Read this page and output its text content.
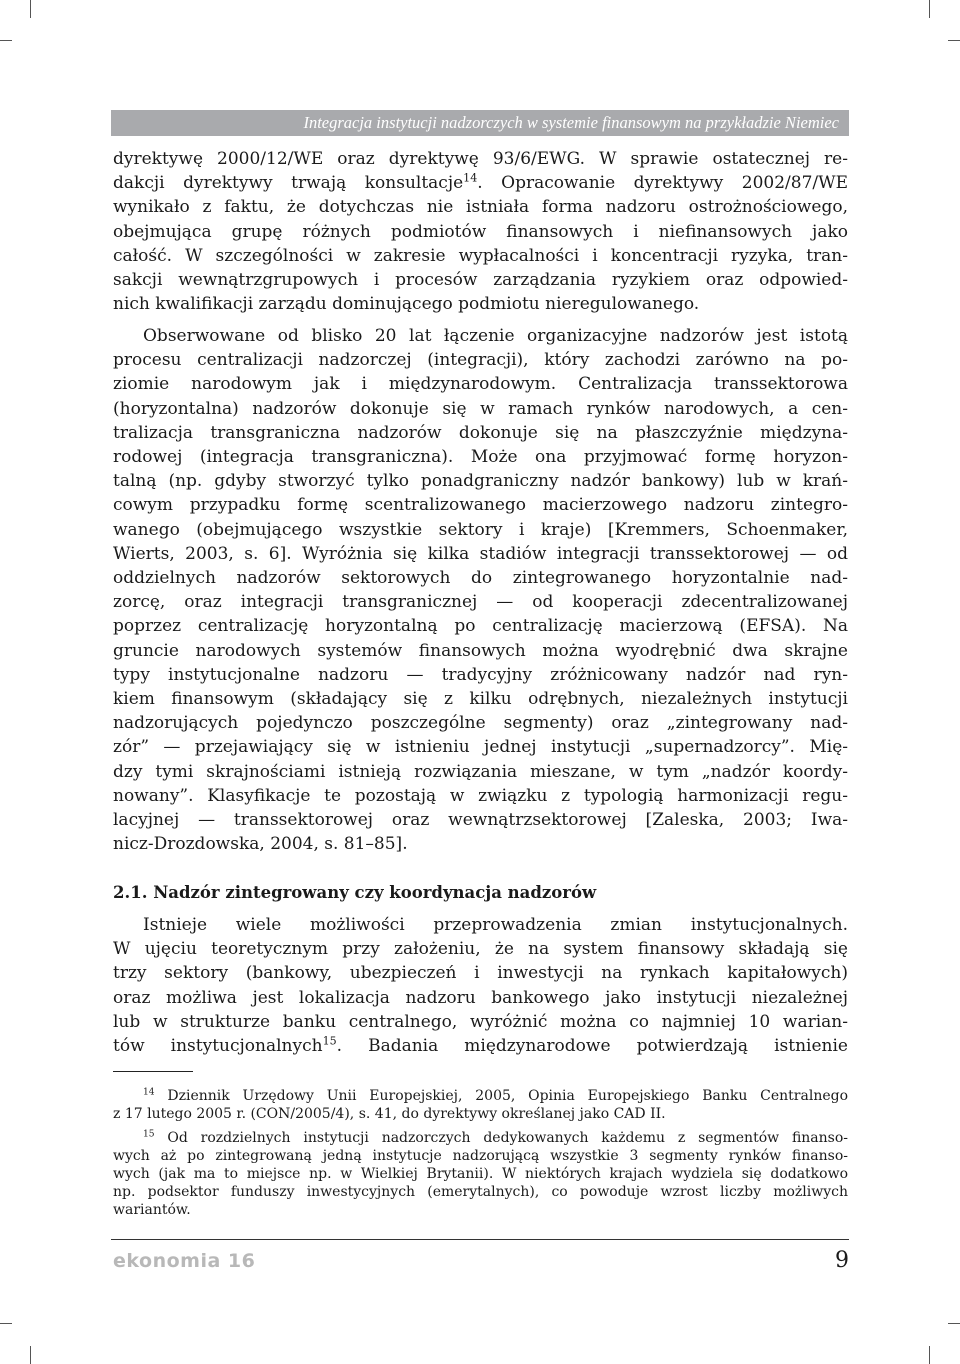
Integracja instytucji nadzorczych w systemie finansowym na przykładzie Niemiec
dyrektywę 2000/12/WE oraz dyrektywę 93/6/EWG. W sprawie ostatecznej re-
dakcji dyrektywy trwają konsultacje$^{14}$. Opracowanie dyrektywy 2002/87/WE
wynikało z faktu, że dotychczas nie istniała forma nadzoru ostrożnościowego,
obejmująca grupę różnych podmiotów finansowych i niefinansowych jako
całość. W szczególności w zakresie wypłacalności i koncentracji ryzyka, tran-
sakcji wewnątrzgrupowych i procesów zarządzania ryzykiem oraz odpowied-
nich kwalifikacji zarządu dominującego podmiotu nieregulowanego.
Obserwowane od blisko 20 lat łączenie organizacyjne nadzorów jest istotą
procesu centralizacji nadzorczej (integracji), który zachodzi zarówno na po-
ziomie narodowym jak i międzynarodowym. Centralizacja transsektorowa
(horyzontalna) nadzorów dokonuje się w ramach rynków narodowych, a cen-
tralizacja transgraniczna nadzorów dokonuje się na płaszczyźnie międzyna-
rodowej (integracja transgraniczna). Może ona przyjmować formę horyzon-
talną (np. gdyby stworzyć tylko ponadgraniczny nadzór bankowy) lub w krań-
cowym przypadku formę scentralizowanego macierzowego nadzoru zintegro-
wanego (obejmującego wszystkie sektory i kraje) [Kremmers, Schoenmaker,
Wierts, 2003, s. 6]. Wyróżnia się kilka stadiów integracji transsektorowej — od
oddzielnych nadzorów sektorowych do zintegrowanego horyzontalnie nad-
zorcę, oraz integracji transgranicznej — od kooperacji zdecentralizowanej
poprzez centralizację horyzontalną po centralizację macierzową (EFSA). Na
gruncie narodowych systemów finansowych można wyodrębnić dwa skrajne
typy instytucjonalne nadzoru — tradycyjny zróżnicowany nadzór nad ryn-
kiem finansowym (składający się z kilku odrębnych, niezależnych instytucji
nadzorujących pojedynczo poszczególne segmenty) oraz „zintegrowany nad-
zór” — przejawiający się w istnieniu jednej instytucji „supernadzorcy”. Mię-
dzy tymi skrajnościami istnieją rozwiązania mieszane, w tym „nadzór koordy-
nowany”. Klasyfikacje te pozostają w związku z typologią harmonizacji regu-
lacyjnej — transsektorowej oraz wewnątrzsektorowej [Zaleska, 2003; Iwa-
nicz-Drozdowska, 2004, s. 81–85].
2.1. Nadzór zintegrowany czy koordynacja nadzorów
Istnieje wiele możliwości przeprowadzenia zmian instytucjonalnych.
W ujęciu teoretycznym przy założeniu, że na system finansowy składają się
trzy sektory (bankowy, ubezpieczeń i inwestycji na rynkach kapitałowych)
oraz możliwa jest lokalizacja nadzoru bankowego jako instytucji niezależnej
lub w strukturze banku centralnego, wyróżnić można co najmniej 10 warian-
tów instytucjonalnych$^{15}$. Badania międzynarodowe potwierdzają istnienie
$^{14}$ Dziennik Urzędowy Unii Europejskiej, 2005, Opinia Europejskiego Banku Centralnego
z 17 lutego 2005 r. (CON/2005/4), s. 41, do dyrektywy określanej jako CAD II.
$^{15}$ Od rozdzielnych instytucji nadzorczych dedykowanych każdemu z segmentów finanso-
wych aż po zintegrowaną jedną instytucje nadzorującą wszystkie 3 segmenty rynków finanso-
wych (jak ma to miejsce np. w Wielkiej Brytanii). W niektórych krajach wydziela się dodatkowo
np. podsektor funduszy inwestycyjnych (emerytalnych), co powoduje wzrost liczby możliwych
wariantów.
ekonomia 16	9
